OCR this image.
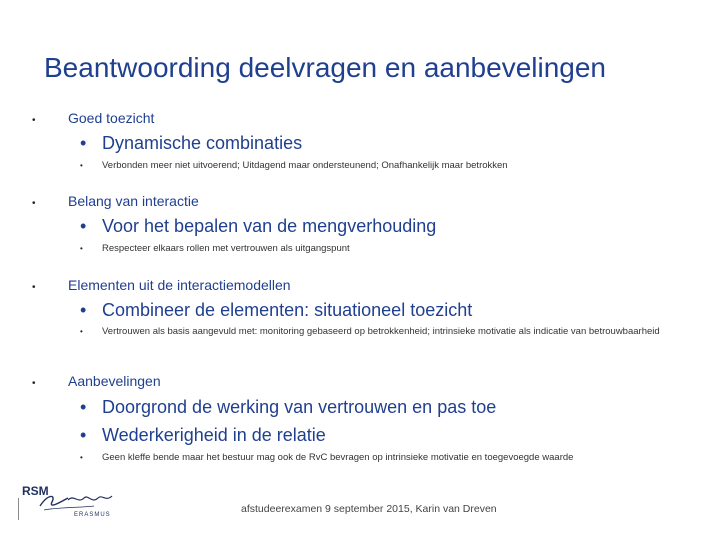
Beantwoording deelvragen en aanbevelingen
•	Goed toezicht
• Dynamische combinaties
•	Verbonden meer niet uitvoerend; Uitdagend maar ondersteunend; Onafhankelijk maar betrokken
•	Belang van interactie
• Voor het bepalen van de mengverhouding
•	Respecteer elkaars rollen met vertrouwen als uitgangspunt
•	Elementen uit de interactiemodellen
• Combineer de elementen: situationeel toezicht
•	Vertrouwen als basis aangevuld met: monitoring gebaseerd op betrokkenheid; intrinsieke motivatie als indicatie van betrouwbaarheid
•	Aanbevelingen
• Doorgrond de werking van vertrouwen en pas toe
• Wederkerigheid in de relatie
•	Geen kleffe bende maar het bestuur mag ook de RvC bevragen op intrinsieke motivatie en toegevoegde waarde
RSM
ERASMUS	afstudeerexamen 9 september 2015, Karin van Dreven
